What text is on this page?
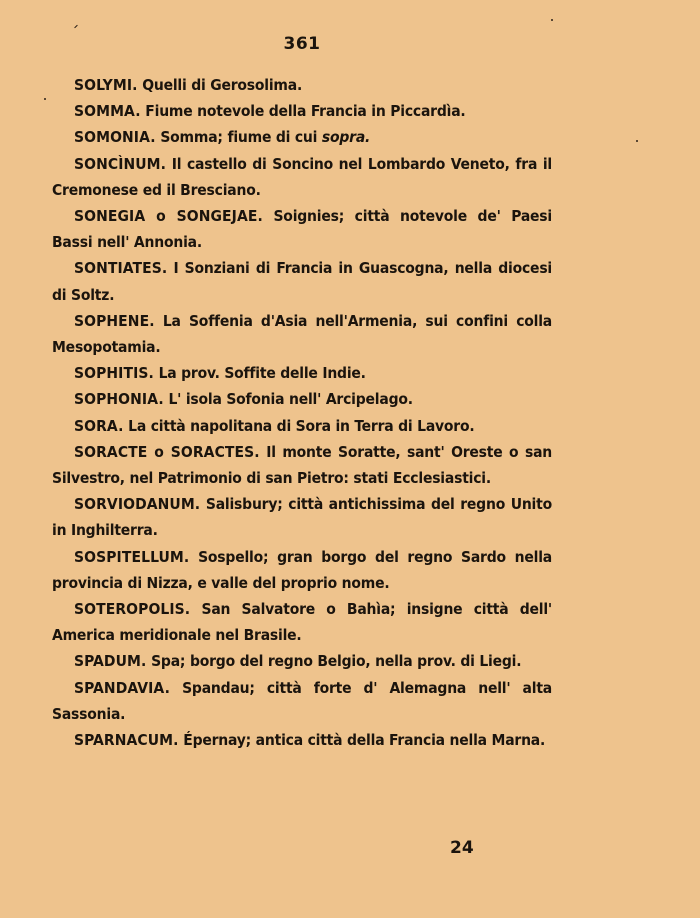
361
SOLYMI. Quelli di Gerosolima.
SOMMA. Fiume notevole della Francia in Piccardìa.
SOMONIA. Somma; fiume di cui sopra.
SONCÌNUM. Il castello di Soncino nel Lombardo Veneto, fra il Cremonese ed il Bresciano.
SONEGIA o SONGEJAE. Soignies; città notevole de' Paesi Bassi nell' Annonia.
SONTIATES. I Sonziani di Francia in Guascogna, nella diocesi di Soltz.
SOPHENE. La Soffenia d'Asia nell'Armenia, sui confini colla Mesopotamia.
SOPHITIS. La prov. Soffite delle Indie.
SOPHONIA. L' isola Sofonia nell' Arcipelago.
SORA. La città napolitana di Sora in Terra di Lavoro.
SORACTE o SORACTES. Il monte Soratte, sant' Oreste o san Silvestro, nel Patrimonio di san Pietro: stati Ecclesiastici.
SORVIODANUM. Salisbury; città antichissima del regno Unito in Inghilterra.
SOSPITELLUM. Sospello; gran borgo del regno Sardo nella provincia di Nizza, e valle del proprio nome.
SOTEROPOLIS. San Salvatore o Bahìa; insigne città dell' America meridionale nel Brasile.
SPADUM. Spa; borgo del regno Belgio, nella prov. di Liegi.
SPANDAVIA. Spandau; città forte d' Alemagna nell' alta Sassonia.
SPARNACUM. Épernay; antica città della Francia nella Marna.
24
